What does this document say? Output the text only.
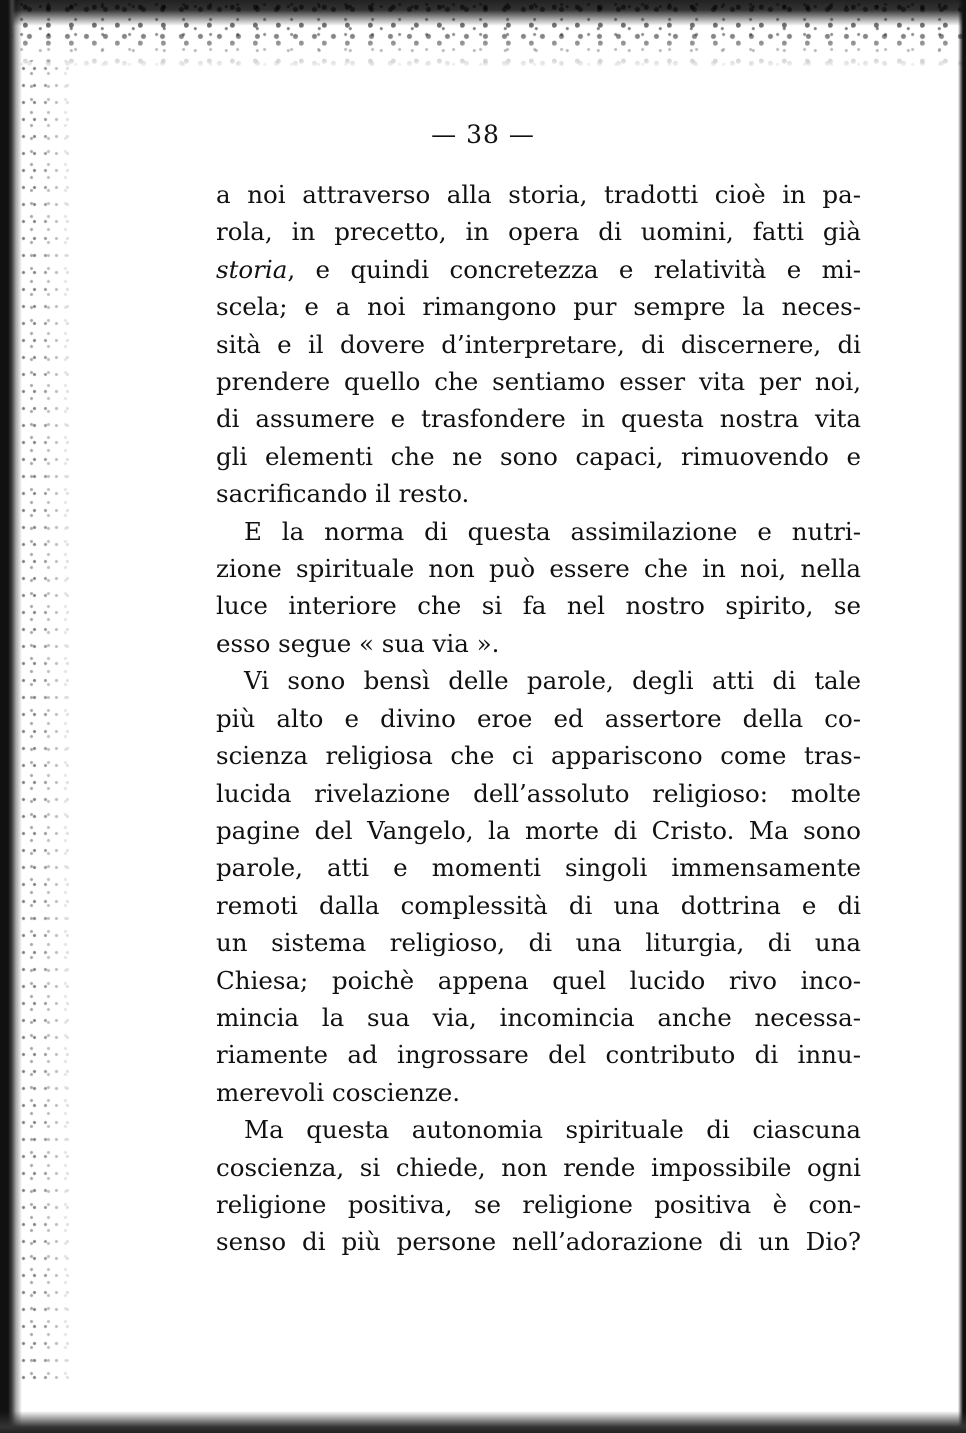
— 38 —
a noi attraverso alla storia, tradotti cioè in pa-
rola, in precetto, in opera di uomini, fatti già
storia, e quindi concretezza e relatività e mi-
scela; e a noi rimangono pur sempre la neces-
sità e il dovere d’interpretare, di discernere, di
prendere quello che sentiamo esser vita per noi,
di assumere e trasfondere in questa nostra vita
gli elementi che ne sono capaci, rimuovendo e
sacrificando il resto.
E la norma di questa assimilazione e nutri-
zione spirituale non può essere che in noi, nella
luce interiore che si fa nel nostro spirito, se
esso segue « sua via ».
Vi sono bensì delle parole, degli atti di tale
più alto e divino eroe ed assertore della co-
scienza religiosa che ci appariscono come tras-
lucida rivelazione dell’assoluto religioso: molte
pagine del Vangelo, la morte di Cristo. Ma sono
parole, atti e momenti singoli immensamente
remoti dalla complessità di una dottrina e di
un sistema religioso, di una liturgia, di una
Chiesa; poichè appena quel lucido rivo inco-
mincia la sua via, incomincia anche necessa-
riamente ad ingrossare del contributo di innu-
merevoli coscienze.
Ma questa autonomia spirituale di ciascuna
coscienza, si chiede, non rende impossibile ogni
religione positiva, se religione positiva è con-
senso di più persone nell’adorazione di un Dio?
